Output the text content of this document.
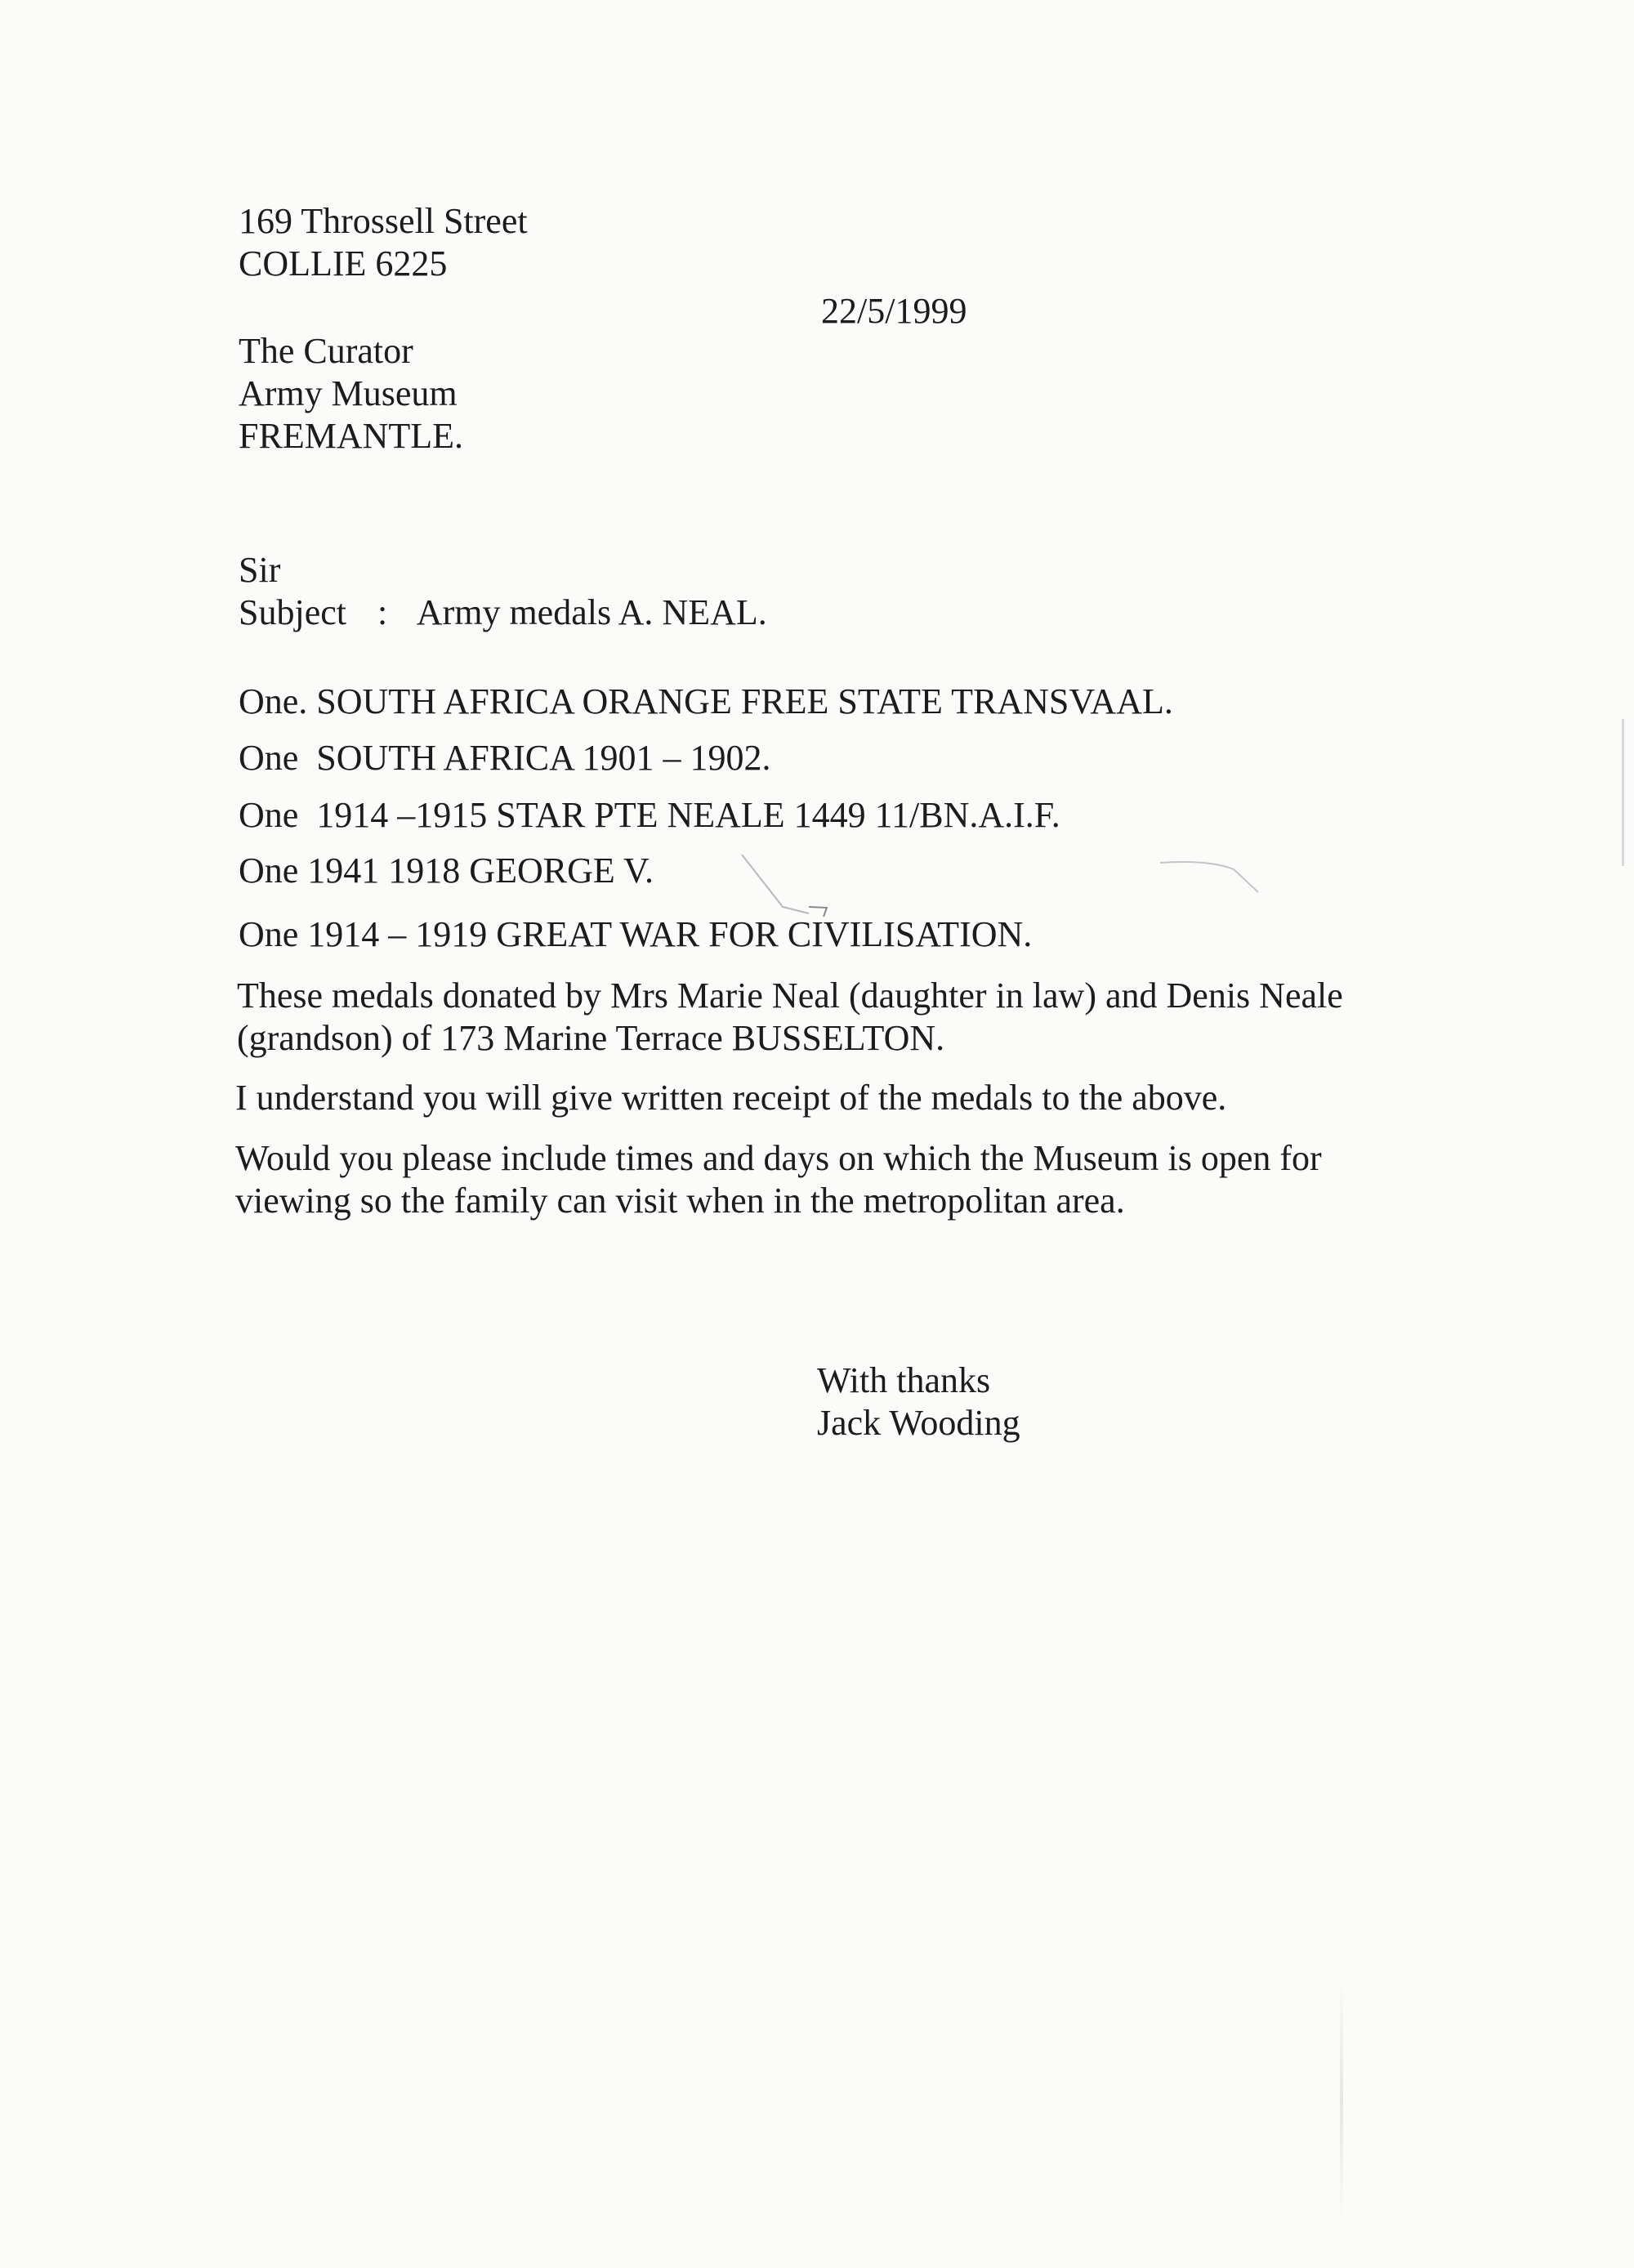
169 Throssell Street
COLLIE 6225
22/5/1999
The Curator
Army Museum
FREMANTLE.
Sir
Subject : Army medals A. NEAL.
One. SOUTH AFRICA ORANGE FREE STATE TRANSVAAL.
One  SOUTH AFRICA 1901 – 1902.
One  1914 –1915 STAR PTE NEALE 1449 11/BN.A.I.F.
One 1941 1918 GEORGE V.
One 1914 – 1919 GREAT WAR FOR CIVILISATION.
These medals donated by Mrs Marie Neal (daughter in law) and Denis Neale
(grandson) of 173 Marine Terrace BUSSELTON.
I understand you will give written receipt of the medals to the above.
Would you please include times and days on which the Museum is open for
viewing so the family can visit when in the metropolitan area.
With thanks
Jack Wooding
